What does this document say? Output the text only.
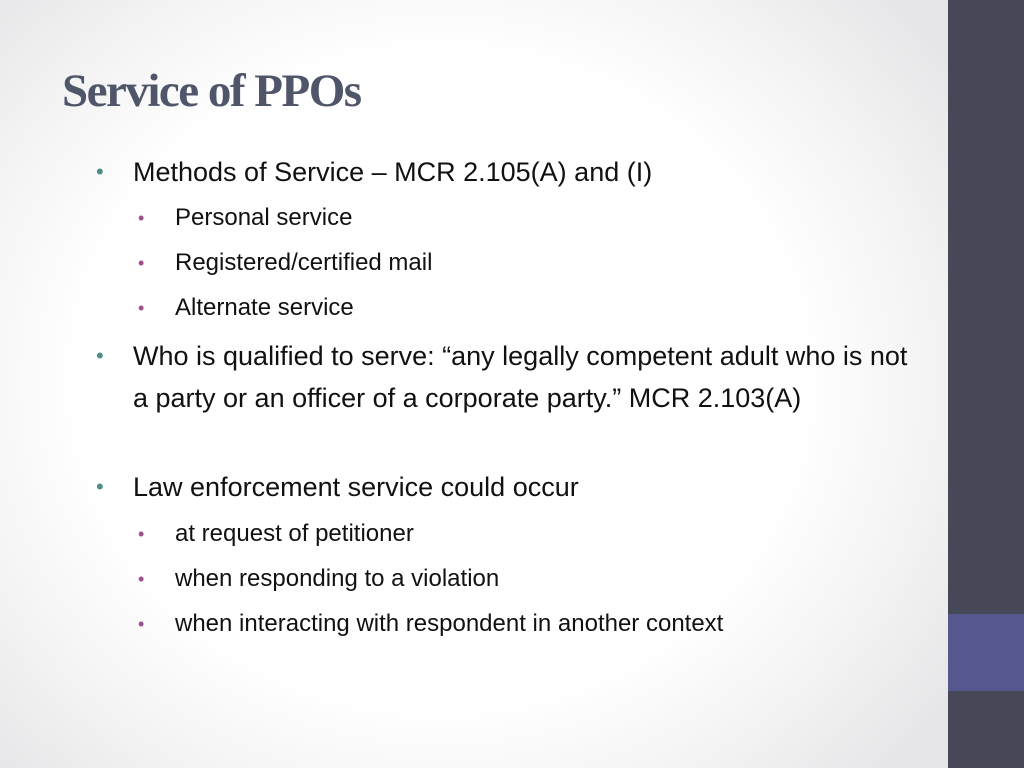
Service of PPOs
• Methods of Service – MCR 2.105(A) and (I)
• Personal service
• Registered/certified mail
• Alternate service
• Who is qualified to serve: “any legally competent adult who is not a party or an officer of a corporate party.” MCR 2.103(A)
• Law enforcement service could occur
• at request of petitioner
• when responding to a violation
• when interacting with respondent in another context
